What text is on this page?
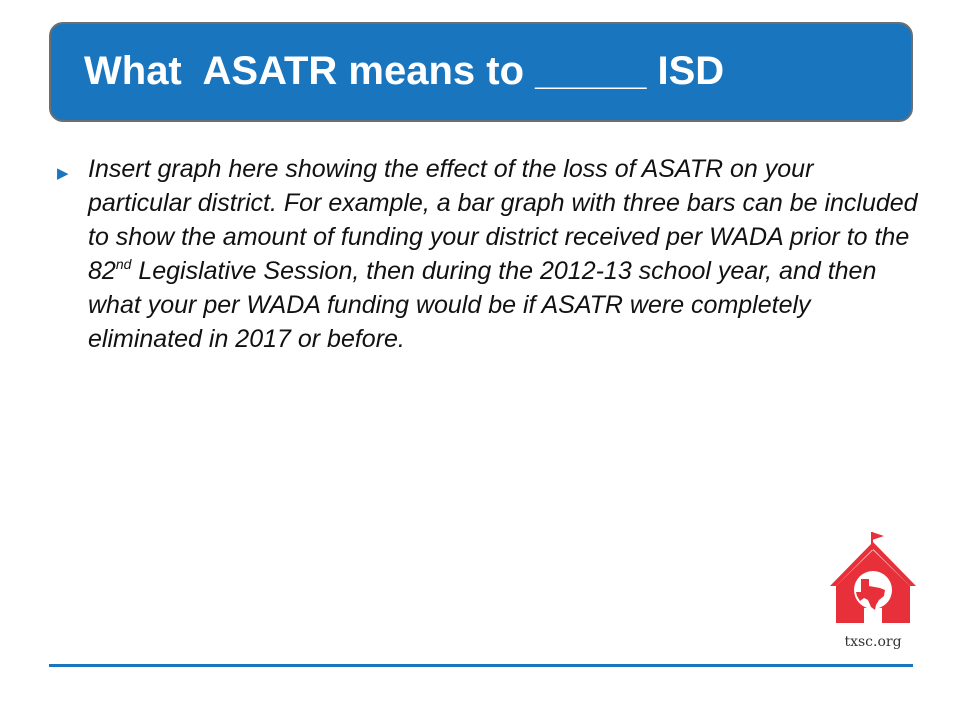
What  ASATR means to _____ ISD
▶ Insert graph here showing the effect of the loss of ASATR on your particular district. For example, a bar graph with three bars can be included to show the amount of funding your district received per WADA prior to the 82nd Legislative Session, then during the 2012-13 school year, and then what your per WADA funding would be if ASATR were completely eliminated in 2017 or before.

txsc.org
